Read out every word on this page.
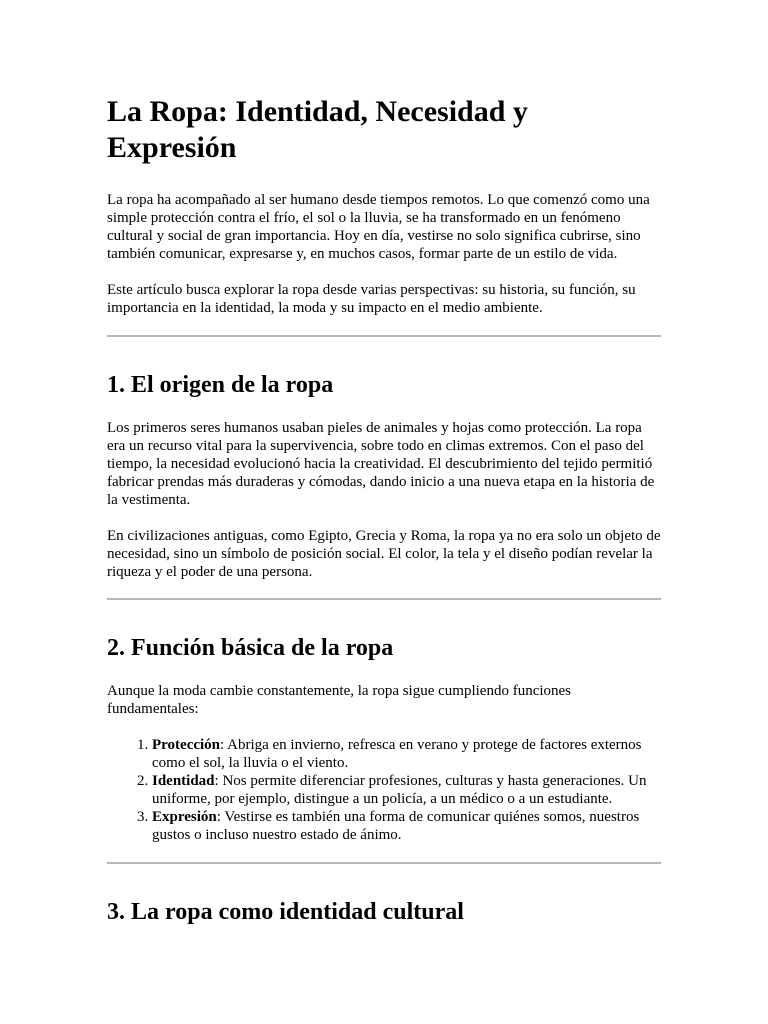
La Ropa: Identidad, Necesidad y Expresión

La ropa ha acompañado al ser humano desde tiempos remotos. Lo que comenzó como una simple protección contra el frío, el sol o la lluvia, se ha transformado en un fenómeno cultural y social de gran importancia. Hoy en día, vestirse no solo significa cubrirse, sino también comunicar, expresarse y, en muchos casos, formar parte de un estilo de vida.

Este artículo busca explorar la ropa desde varias perspectivas: su historia, su función, su importancia en la identidad, la moda y su impacto en el medio ambiente.

1. El origen de la ropa

Los primeros seres humanos usaban pieles de animales y hojas como protección. La ropa era un recurso vital para la supervivencia, sobre todo en climas extremos. Con el paso del tiempo, la necesidad evolucionó hacia la creatividad. El descubrimiento del tejido permitió fabricar prendas más duraderas y cómodas, dando inicio a una nueva etapa en la historia de la vestimenta.

En civilizaciones antiguas, como Egipto, Grecia y Roma, la ropa ya no era solo un objeto de necesidad, sino un símbolo de posición social. El color, la tela y el diseño podían revelar la riqueza y el poder de una persona.

2. Función básica de la ropa

Aunque la moda cambie constantemente, la ropa sigue cumpliendo funciones fundamentales:

1. Protección: Abriga en invierno, refresca en verano y protege de factores externos como el sol, la lluvia o el viento.
2. Identidad: Nos permite diferenciar profesiones, culturas y hasta generaciones. Un uniforme, por ejemplo, distingue a un policía, a un médico o a un estudiante.
3. Expresión: Vestirse es también una forma de comunicar quiénes somos, nuestros gustos o incluso nuestro estado de ánimo.
3. La ropa como identidad cultural
